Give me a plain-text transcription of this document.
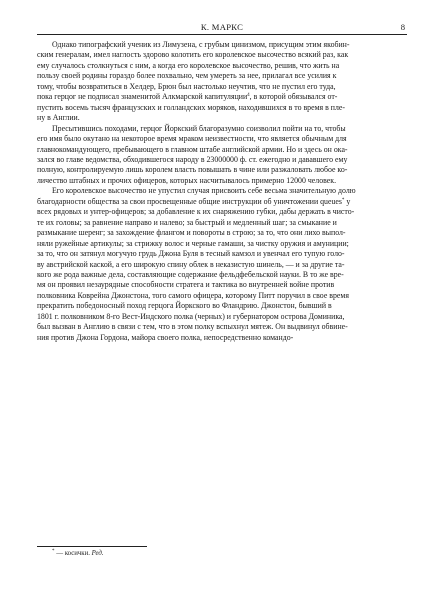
К. МАРКС	8

Однако типографский ученик из Лимузена, с грубым цинизмом, присущим этим якобин-
ским генералам, имел наглость здорово колотить его королевское высочество всякий раз, как
ему случалось столкнуться с ним, а когда его королевское высочество, решив, что жить на
пользу своей родины гораздо более похвально, чем умереть за нее, прилагал все усилия к
тому, чтобы возвратиться в Хелдер, Брюн был настолько неучтив, что не пустил его туда,
пока герцог не подписал знаменитой Алкмарской капитуляции$^4$, в которой обязывался от-
пустить восемь тысяч французских и голландских моряков, находившихся в то время в пле-
ну в Англии.

Пресытившись походами, герцог Йоркский благоразумно соизволил пойти на то, чтобы
его имя было окутано на некоторое время мраком неизвестности, что является обычным для
главнокомандующего, пребывающего в главном штабе английской армии. Но и здесь он ока-
зался во главе ведомства, обходившегося народу в 23000000 ф. ст. ежегодно и дававшего ему
полную, контролируемую лишь королем власть повышать в чине или разжаловать любое ко-
личество штабных и прочих офицеров, которых насчитывалось примерно 12000 человек.

Его королевское высочество не упустил случая присвоить себе весьма значительную долю
благодарности общества за свои просвещенные общие инструкции об уничтожении queues* у
всех рядовых и унтер-офицеров; за добавление к их снаряжению губки, дабы держать в чисто-
те их головы; за равнение направо и налево; за быстрый и медленный шаг; за смыкание и
размыкание шеренг; за захождение флангом и повороты в строю; за то, что они лихо выпол-
няли ружейные артикулы; за стрижку волос и черные гамаши, за чистку оружия и амуниции;
за то, что он затянул могучую грудь Джона Буля в тесный камзол и увенчал его тупую голо-
ву австрийской каской, а его широкую спину облек в неказистую шинель, — и за другие та-
кого же рода важные дела, составляющие содержание фельдфебельской науки. В то же вре-
мя он проявил незаурядные способности стратега и тактика во внутренней войне против
полковника Коврейна Джонстона, того самого офицера, которому Питт поручил в свое время
прекратить победоносный поход герцога Йоркского во Фландрию. Джонстон, бывший в
1801 г. полковником 8-го Вест-Индского полка (черных) и губернатором острова Доминика,
был вызван в Англию в связи с тем, что в этом полку вспыхнул мятеж. Он выдвинул обвине-
ния против Джона Гордона, майора своего полка, непосредственно командо-

* — косички. Ред.
